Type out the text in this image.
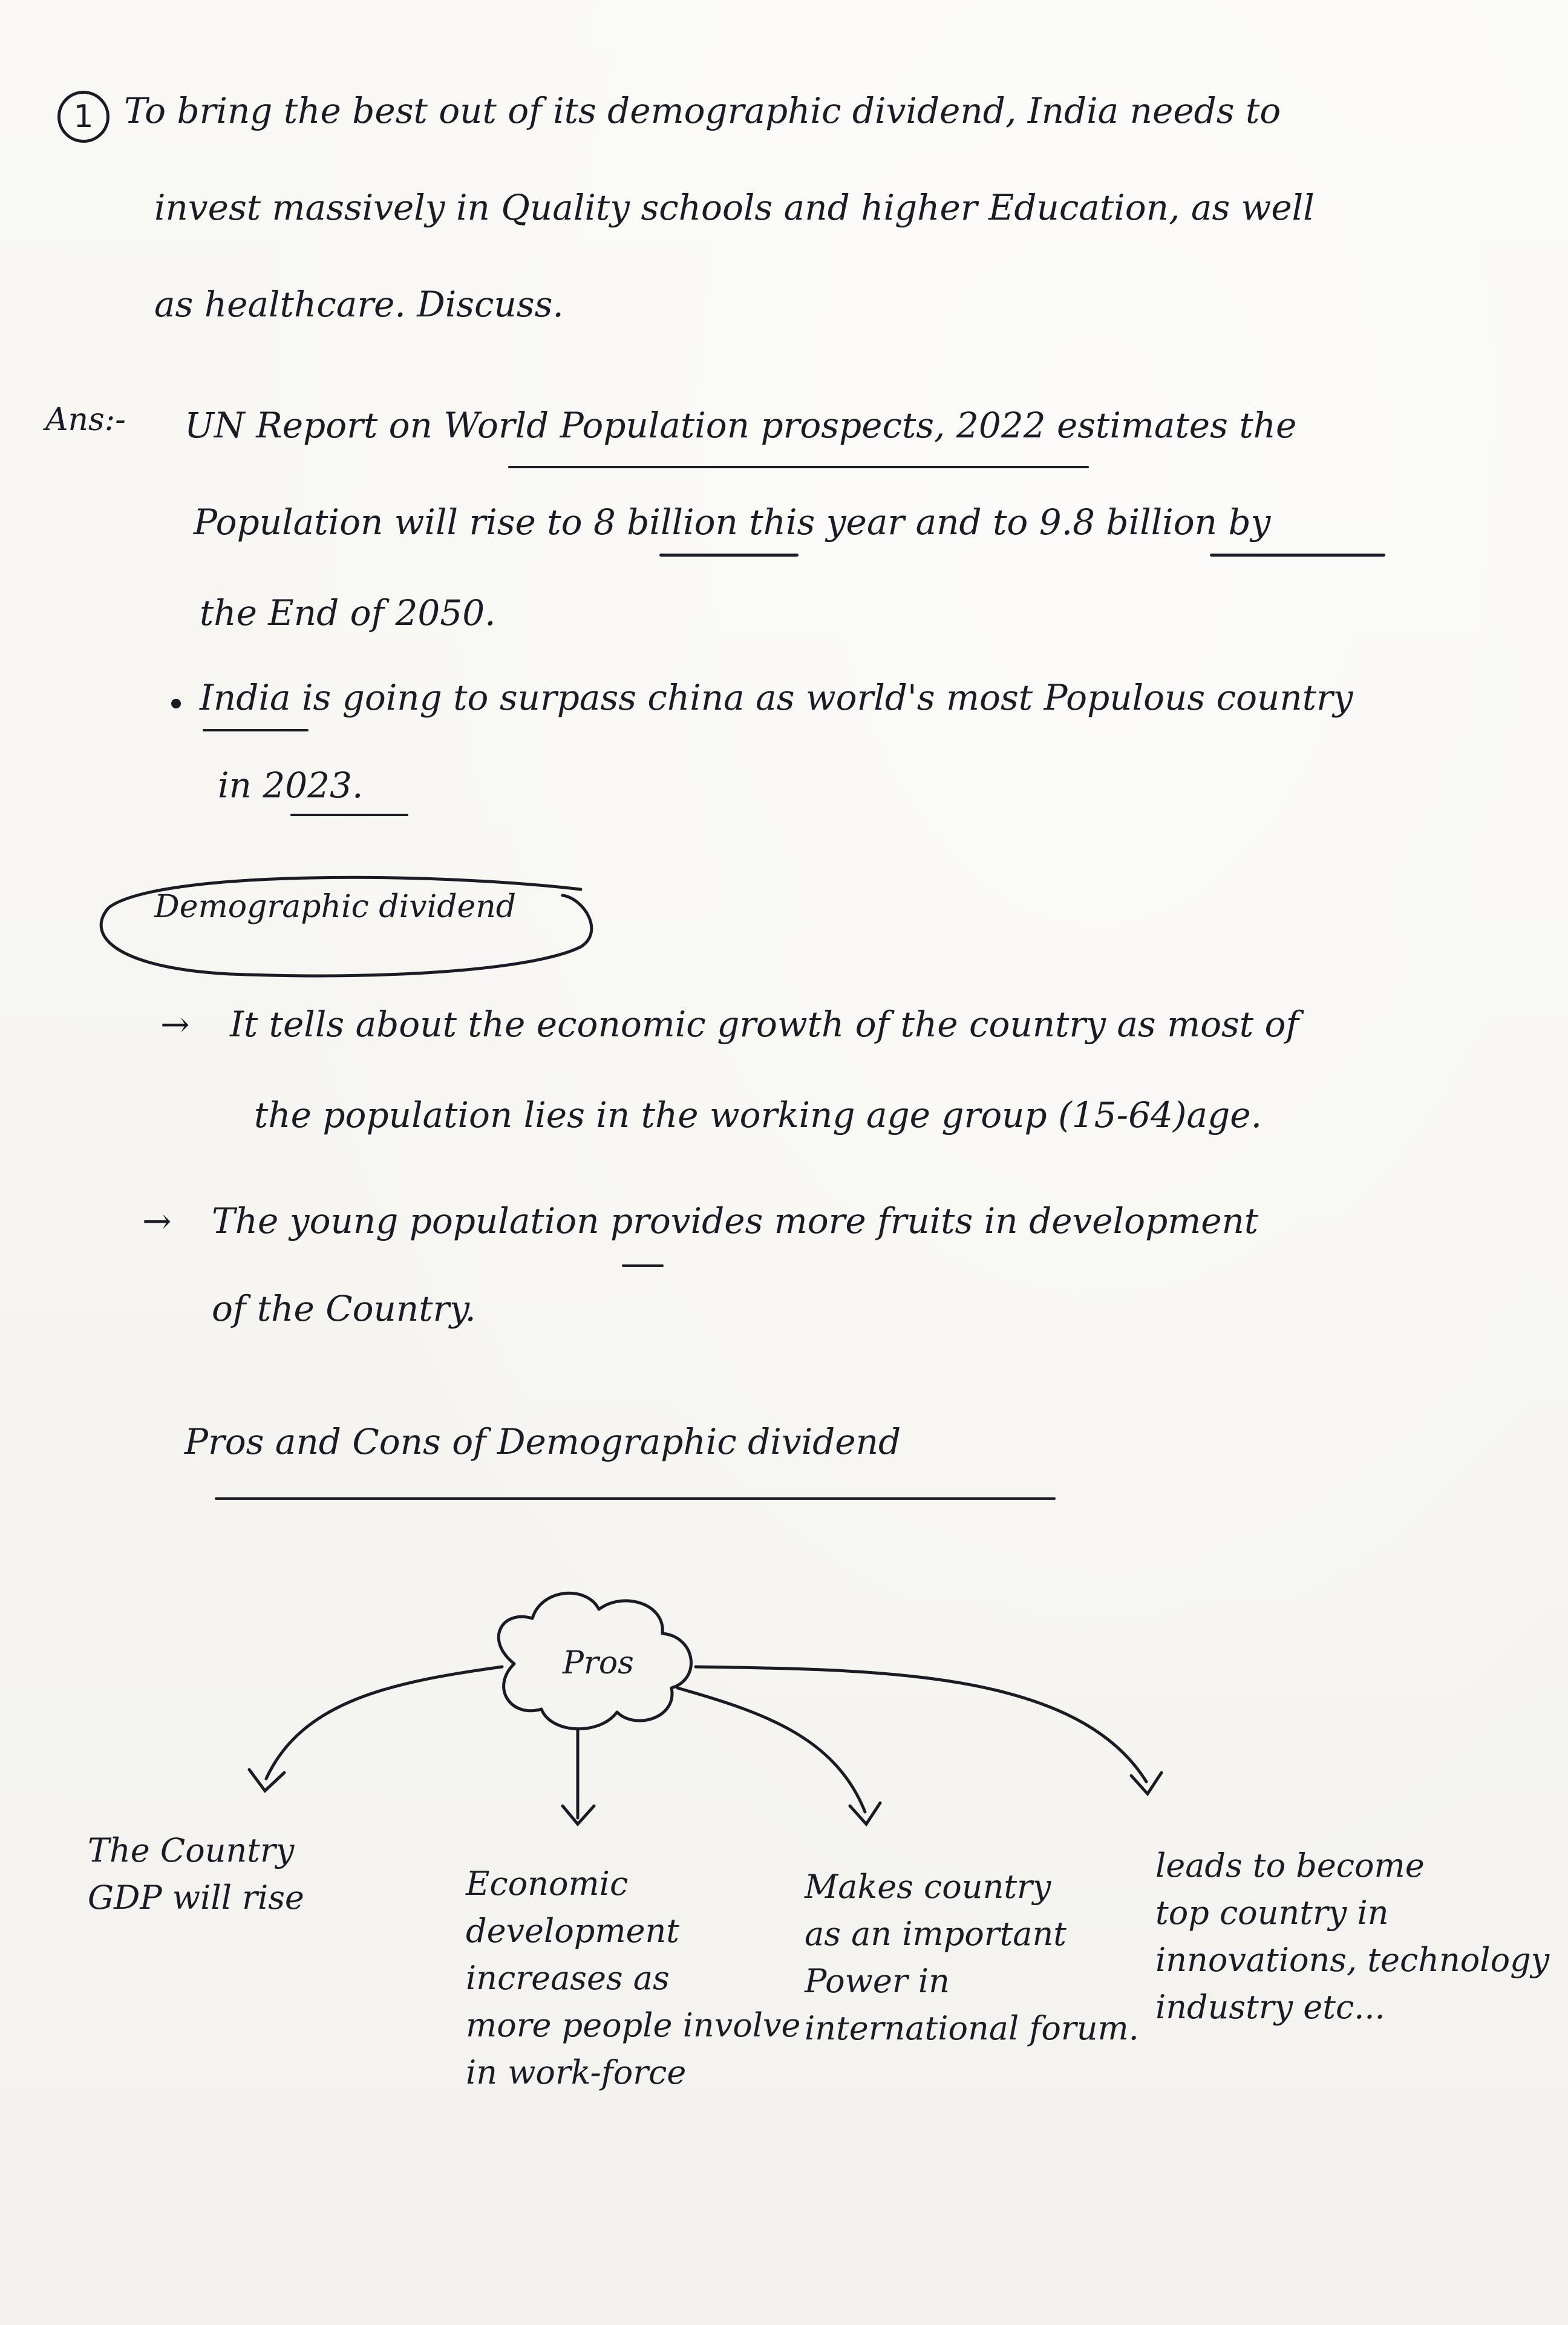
1 To bring the best out of its demographic dividend, India needs to
invest massively in Quality schools and higher Education, as well
as healthcare. Discuss.
Ans:- UN Report on World Population prospects, 2022 estimates the
Population will rise to 8 billion this year and to 9.8 billion by
the End of 2050.
India is going to surpass china as world's most Populous country
in 2023.
Demographic dividend
→ It tells about the economic growth of the country as most of
the population lies in the working age group (15-64)age.
→ The young population provides more fruits in development
of the Country.
Pros and Cons of Demographic dividend
Pros
The Country
GDP will rise	Economic
development
increases as
more people involve
in work-force
Makes country
as an important
Power in
international forum.
leads to become
top country in
innovations, technology
industry etc...
